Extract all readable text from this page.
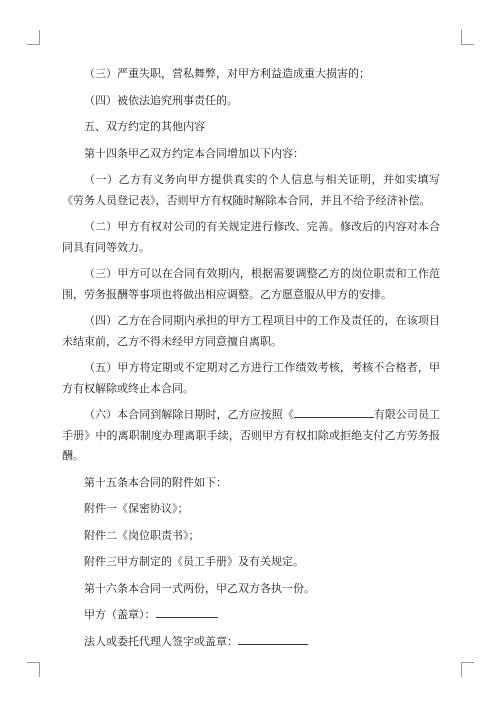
（三）严重失职，营私舞弊，对甲方利益造成重大损害的；

（四）被依法追究刑事责任的。

五、双方约定的其他内容

第十四条甲乙双方约定本合同增加以下内容：

（一）乙方有义务向甲方提供真实的个人信息与相关证明，并如实填写《劳务人员登记表》，否则甲方有权随时解除本合同，并且不给予经济补偿。

（二）甲方有权对公司的有关规定进行修改、完善。修改后的内容对本合同具有同等效力。

（三）甲方可以在合同有效期内，根据需要调整乙方的岗位职责和工作范围，劳务报酬等事项也将做出相应调整。乙方愿意服从甲方的安排。

（四）乙方在合同期内承担的甲方工程项目中的工作及责任的，在该项目未结束前，乙方不得未经甲方同意擅自离职。

（五）甲方将定期或不定期对乙方进行工作绩效考核，考核不合格者，甲方有权解除或终止本合同。

（六）本合同到解除日期时，乙方应按照《	有限公司员工手册》中的离职制度办理离职手续，否则甲方有权扣除或拒绝支付乙方劳务报酬。

第十五条本合同的附件如下：

附件一《保密协议》；

附件二《岗位职责书》；

附件三甲方制定的《员工手册》及有关规定。

第十六条本合同一式两份，甲乙双方各执一份。

甲方（盖章）：

法人或委托代理人签字或盖章：
